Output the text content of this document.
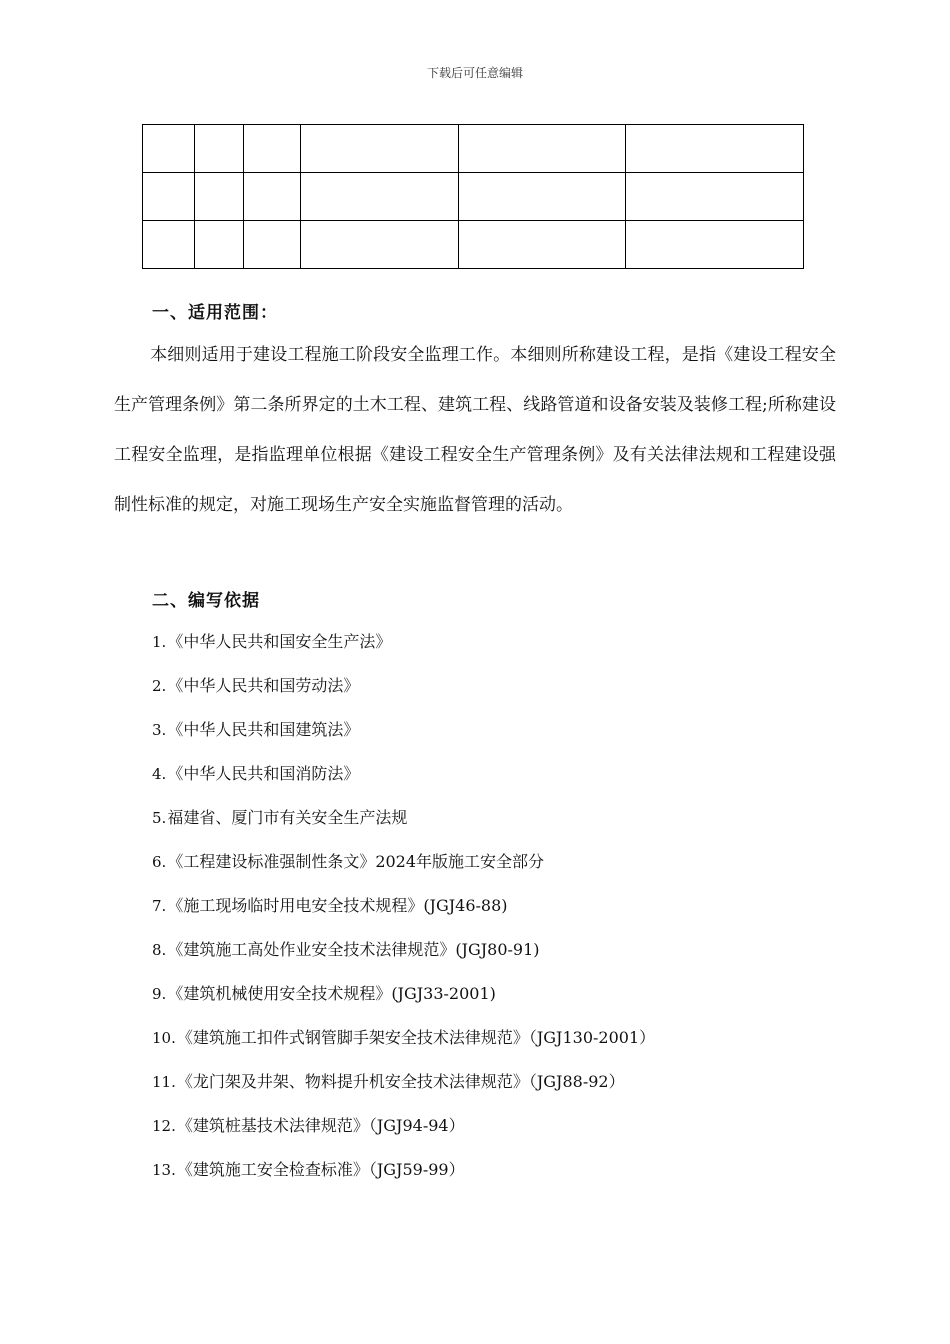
下载后可任意编辑

一、适用范围：
本细则适用于建设工程施工阶段安全监理工作。本细则所称建设工程，是指《建设工程安全生产管理条例》第二条所界定的土木工程、建筑工程、线路管道和设备安装及装修工程;所称建设工程安全监理，是指监理单位根据《建设工程安全生产管理条例》及有关法律法规和工程建设强制性标准的规定，对施工现场生产安全实施监督管理的活动。
二、编写依据
1.《中华人民共和国安全生产法》
2.《中华人民共和国劳动法》
3.《中华人民共和国建筑法》
4.《中华人民共和国消防法》
5.福建省、厦门市有关安全生产法规
6.《工程建设标准强制性条文》2024年版施工安全部分
7.《施工现场临时用电安全技术规程》(JGJ46-88)
8.《建筑施工高处作业安全技术法律规范》(JGJ80-91)
9.《建筑机械使用安全技术规程》(JGJ33-2001)
10.《建筑施工扣件式钢管脚手架安全技术法律规范》（JGJ130-2001）
11.《龙门架及井架、物料提升机安全技术法律规范》（JGJ88-92）
12.《建筑桩基技术法律规范》（JGJ94-94）
13.《建筑施工安全检查标准》（JGJ59-99）
